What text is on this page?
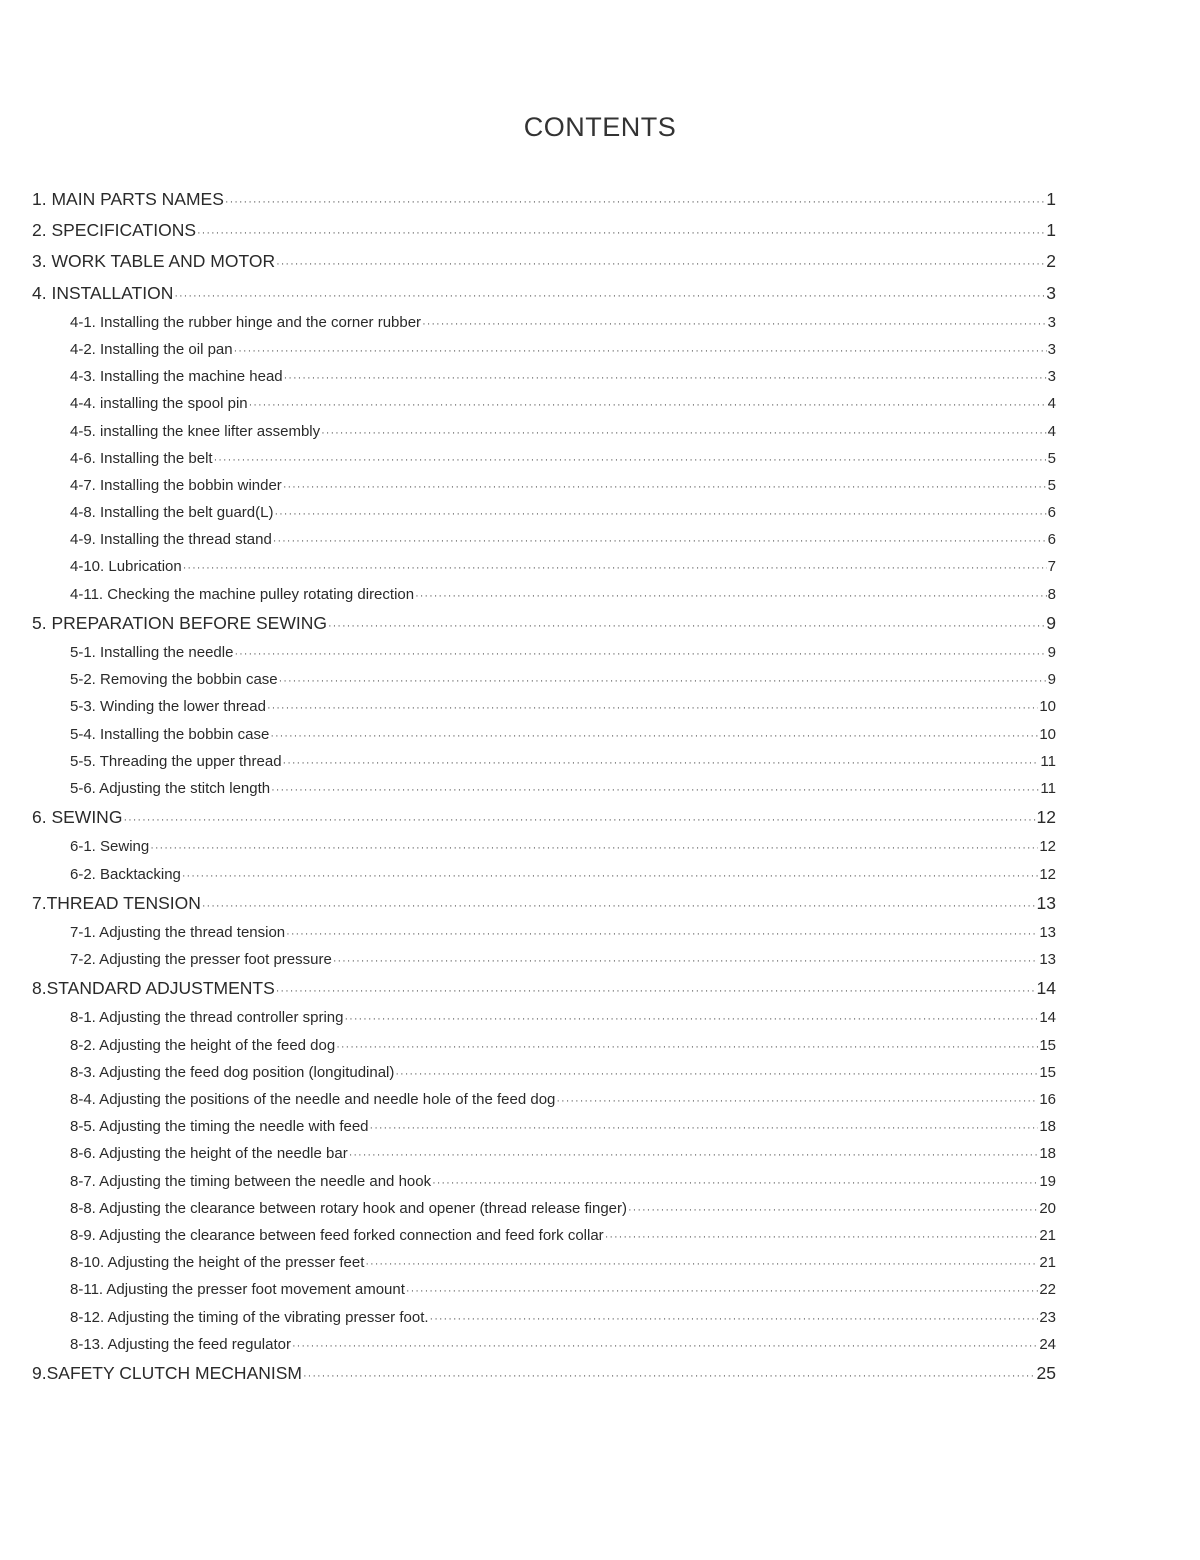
CONTENTS
1. MAIN PARTS NAMES ·····	1
2. SPECIFICATIONS ·····	1
3. WORK TABLE AND MOTOR ·····	2
4. INSTALLATION ·····	3
4-1. Installing the rubber hinge and the corner rubber ·····	3
4-2. Installing the oil pan ·····	3
4-3. Installing the machine head ·····	3
4-4. installing the spool pin ·····	4
4-5. installing the knee lifter assembly ·····	4
4-6. Installing the belt ·····	5
4-7. Installing the bobbin winder ·····	5
4-8. Installing the belt guard(L) ·····	6
4-9. Installing the thread stand ·····	6
4-10. Lubrication ·····	7
4-11. Checking the machine pulley rotating direction ·····	8
5. PREPARATION BEFORE SEWING ·····	9
5-1. Installing the needle ·····	9
5-2. Removing the bobbin case ·····	9
5-3. Winding the lower thread ·····	10
5-4. Installing the bobbin case ·····	10
5-5. Threading the upper thread ·····	11
5-6. Adjusting the stitch length ·····	11
6. SEWING ·····	12
6-1. Sewing ·····	12
6-2. Backtacking ·····	12
7.THREAD TENSION ·····	13
7-1. Adjusting the thread tension ·····	13
7-2. Adjusting the presser foot pressure ·····	13
8.STANDARD ADJUSTMENTS ·····	14
8-1. Adjusting the thread controller spring ·····	14
8-2. Adjusting the height of the feed dog ·····	15
8-3. Adjusting the feed dog position (longitudinal) ·····	15
8-4. Adjusting the positions of the needle and needle hole of the feed dog ·····	16
8-5. Adjusting the timing the needle with feed ·····	18
8-6. Adjusting the height of the needle bar ·····	18
8-7. Adjusting the timing between the needle and hook ·····	19
8-8. Adjusting the clearance between rotary hook and opener (thread release finger) ·····	20
8-9. Adjusting the clearance between feed forked connection and feed fork collar ·····	21
8-10. Adjusting the height of the presser feet ·····	21
8-11. Adjusting the presser foot movement amount ·····	22
8-12. Adjusting the timing of the vibrating presser foot. ·····	23
8-13. Adjusting the feed regulator ·····	24
9.SAFETY CLUTCH MECHANISM ·····	25
